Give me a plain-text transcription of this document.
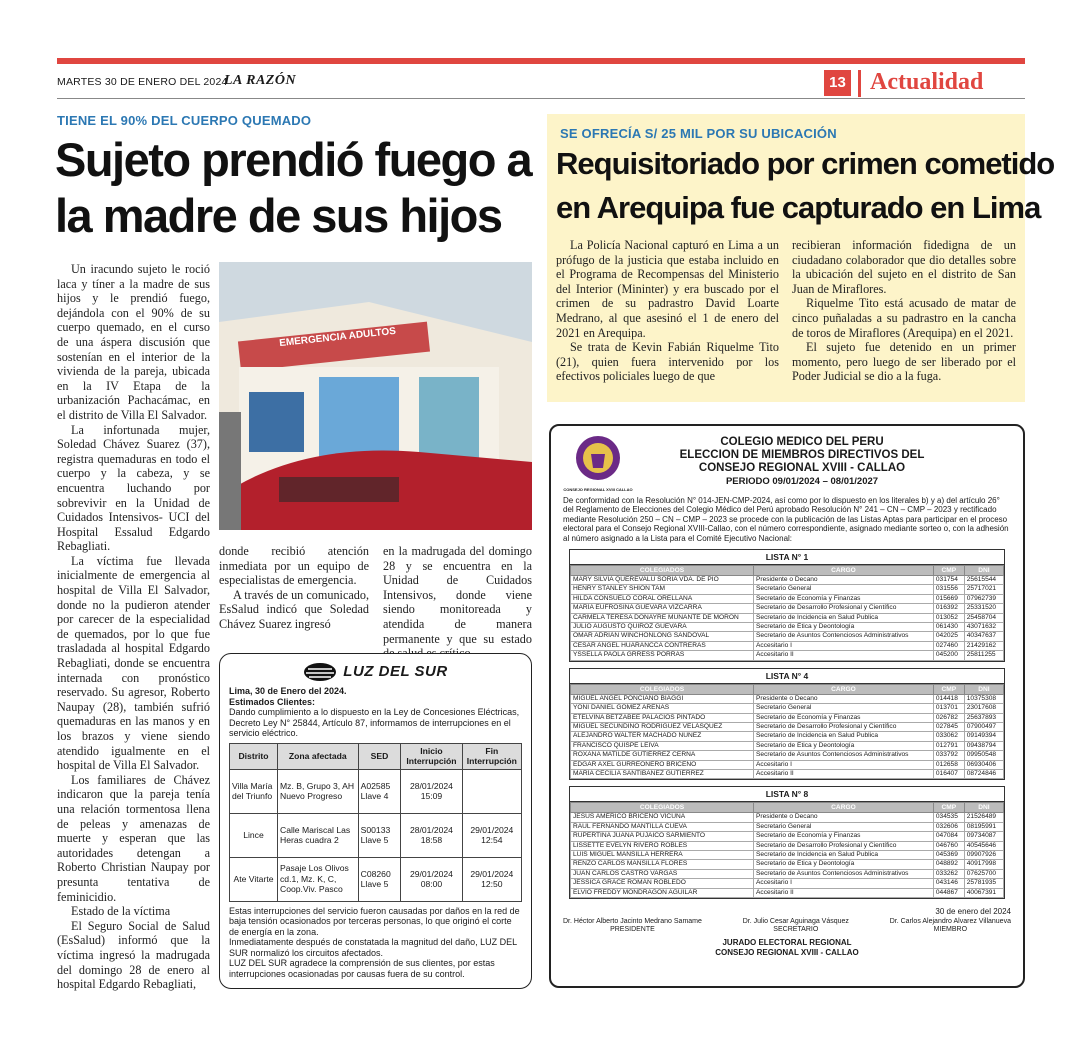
MARTES 30 DE ENERO DEL 2024
LA RAZÓN	13 Actualidad
TIENE EL 90% DEL CUERPO QUEMADO
Sujeto prendió fuego a
la madre de sus hijos

Un iracundo sujeto le roció laca y tíner a la madre de sus hijos y le prendió fuego, dejándola con el 90% de su cuerpo quemado, en el curso de una áspera discusión que sostenían en el interior de la vivienda de la pareja, ubicada en la IV Etapa de la urbanización Pachacámac, en el distrito de Villa El Salvador.

La infortunada mujer, Soledad Chávez Suarez (37), registra quemaduras en todo el cuerpo y la cabeza, y se encuentra luchando por sobrevivir en la Unidad de Cuidados Intensivos- UCI del Hospital Essalud Edgardo Rebagliati.

La víctima fue llevada inicialmente de emergencia al hospital de Villa El Salvador, donde no la pudieron atender por carecer de la especialidad de quemados, por lo que fue trasladada al hospital Edgardo Rebagliati, donde se encuentra internada con pronóstico reservado. Su agresor, Roberto Naupay (28), también sufrió quemaduras en las manos y en los brazos y viene siendo atendido igualmente en el hospital de Villa El Salvador.

Los familiares de Chávez indicaron que la pareja tenía una relación tormentosa llena de peleas y amenazas de muerte y esperan que las autoridades detengan a Roberto Christian Naupay por presunta tentativa de feminicidio.

Estado de la víctima

El Seguro Social de Salud (EsSalud) informó que la víctima ingresó la madrugada del domingo 28 de enero al hospital Edgardo Rebagliati,

EMERGENCIA ADULTOS

donde recibió atención inmediata por un equipo de especialistas de emergencia.

A través de un comunicado, EsSalud indicó que Soledad Chávez Suarez ingresó

en la madrugada del domingo 28 y se encuentra en la Unidad de Cuidados Intensivos, donde viene siendo monitoreada y atendida de manera permanente y que su estado

LUZ DEL SUR
Lima, 30 de Enero del 2024.
Estimados Clientes:
Dando cumplimiento a lo dispuesto en la Ley de Concesiones Eléctricas, Decreto Ley N° 25844, Artículo 87, informamos de interrupciones en el servicio eléctrico.
Distrito	Zona afectada	SED	Inicio Interrupción	Fin Interrupción
Villa María del Triunfo	Mz. B, Grupo 3, AH Nuevo Progreso	A02585 Llave 4	28/01/2024 15:09	
Lince	Calle Mariscal Las Heras cuadra 2	S00133 Llave 5	28/01/2024 18:58	29/01/2024 12:54
Ate Vitarte	Pasaje Los Olivos cd.1, Mz. K, C, Coop.Viv. Pasco	C08260 Llave 5	29/01/2024 08:00	29/01/2024 12:50
Estas interrupciones del servicio fueron causadas por daños en la red de baja tensión ocasionados por terceras personas, lo que originó el corte de energía en la zona.
Inmediatamente después de constatada la magnitud del daño, LUZ DEL SUR normalizó los circuitos afectados.
LUZ DEL SUR agradece la comprensión de sus clientes, por estas interrupciones ocasionadas por causas fuera de su control.
SE OFRECÍA S/ 25 MIL POR SU UBICACIÓN
Requisitoriado por crimen cometido
en Arequipa fue capturado en Lima

La Policía Nacional capturó en Lima a un prófugo de la justicia que estaba incluido en el Programa de Recompensas del Ministerio del Interior (Mininter) y era buscado por el crimen de su padrastro David Loarte Medrano, al que asesinó el 1 de enero del 2021 en Arequipa.

Se trata de Kevin Fabián Riquelme Tito (21), quien fuera intervenido por los efectivos policiales luego de que

recibieran información fidedigna de un ciudadano colaborador que dio detalles sobre la ubicación del sujeto en el distrito de San Juan de Miraflores.

Riquelme Tito está acusado de matar de cinco puñaladas a su padrastro en la cancha de toros de Miraflores (Arequipa) en el 2021.

El sujeto fue detenido en un primer momento, pero luego de ser liberado por el Poder Judicial se dio a la fuga.

CONSEJO REGIONAL XVIII CALLAO
COLEGIO MEDICO DEL PERU
ELECCION DE MIEMBROS DIRECTIVOS DEL
CONSEJO REGIONAL XVIII - CALLAO
PERIODO 09/01/2024 – 08/01/2027
De conformidad con la Resolución N° 014-JEN-CMP-2024, así como por lo dispuesto en los literales b) y a) del artículo 26° del Reglamento de Elecciones del Colegio Médico del Perú aprobado Resolución N° 241 – CN – CMP – 2023 y rectificado mediante Resolución 250 – CN – CMP – 2023 se procede con la publicación de las Listas Aptas para participar en el proceso electoral para el Consejo Regional XVIII-Callao, con el número correspondiente, asignado mediante sorteo o, con la adhesión al número asignado a la Lista para el Comité Ejecutivo Nacional:
LISTA N° 1
COLEGIADOS	CARGO	CMP	DNI
MARY SILVIA QUEREVALU SORIA VDA. DE PIO	Presidente o Decano	031754	25615544
HENRY STANLEY SHION TAM	Secretario General	031556	25717021
HILDA CONSUELO CORAL ORELLANA	Secretario de Economía y Finanzas	015669	07962739
MARÍA EUFROSINA GUEVARA VIZCARRA	Secretario de Desarrollo Profesional y Científico	016392	25331520
CARMELA TERESA DONAYRE MUÑANTE DE MORÓN	Secretario de Incidencia en Salud Publica	013052	25458704
JULIO AUGUSTO QUIROZ GUEVARA	Secretario de Ética y Deontología	061430	43071632
OMAR ADRIÁN WINCHONLONG SANDOVAL	Secretario de Asuntos Contenciosos Administrativos	042025	40347637
CESAR ANGEL HUARANCCA CONTRERAS	Accesitario I	027460	21429162
YSSELLA PAOLA GRRESS PORRAS	Accesitario II	045200	25811255
LISTA N° 4
COLEGIADOS	CARGO	CMP	DNI
MIGUEL ANGEL PONCIANO BIAGGI	Presidente o Decano	014418	10375308
YONI DANIEL GÓMEZ ARENAS	Secretario General	013701	23017608
ETELVINA BETZABEE PALACIOS PINTADO	Secretario de Economía y Finanzas	026782	25637893
MIGUEL SECUNDINO RODRIGUEZ VELÁSQUEZ	Secretario de Desarrollo Profesional y Científico	027845	07900497
ALEJANDRO WALTER MACHADO NUÑEZ	Secretario de Incidencia en Salud Publica	033062	09149394
FRANCISCO QUISPE LEIVA	Secretario de Ética y Deontología	012791	09438794
ROXANA MATILDE GUTIÉRREZ CERNA	Secretario de Asuntos Contenciosos Administrativos	033792	09950548
EDGAR AXEL GURREONERO BRICEÑO	Accesitario I	012658	06930406
MARÍA CECILIA SANTIBAÑEZ GUTIÉRREZ	Accesitario II	016407	08724846
LISTA N° 8
COLEGIADOS	CARGO	CMP	DNI
JESÚS AMÉRICO BRICEÑO VICUÑA	Presidente o Decano	034535	21526489
RAÚL FERNANDO MANTILLA CUEVA	Secretario General	032606	08195991
RUPERTINA JUANA PUJAICO SARMIENTO	Secretario de Economía y Finanzas	047084	09734087
LISSETTE EVELYN RIVERO ROBLES	Secretario de Desarrollo Profesional y Científico	046760	40545646
LUIS MIGUEL MANSILLA HERRERA	Secretario de Incidencia en Salud Publica	045369	09907926
RENZO CARLOS MANSILLA FLORES	Secretario de Ética y Deontología	048892	40917998
JUAN CARLOS CASTRO VARGAS	Secretario de Asuntos Contenciosos Administrativos	033262	07625700
JESSICA GRACE ROMÁN ROBLEDO	Accesitario I	043146	25781935
ELVIO FREDDY MONDRAGÓN AGUILAR	Accesitario II	044867	40067391
30 de enero del 2024
Dr. Héctor Alberto Jacinto Medrano Samame
PRESIDENTE
Dr. Julio Cesar Aguinaga Vásquez
SECRETARIO
Dr. Carlos Alejandro Alvarez Villanueva
MIEMBRO
JURADO ELECTORAL REGIONAL
CONSEJO REGIONAL XVIII - CALLAO
